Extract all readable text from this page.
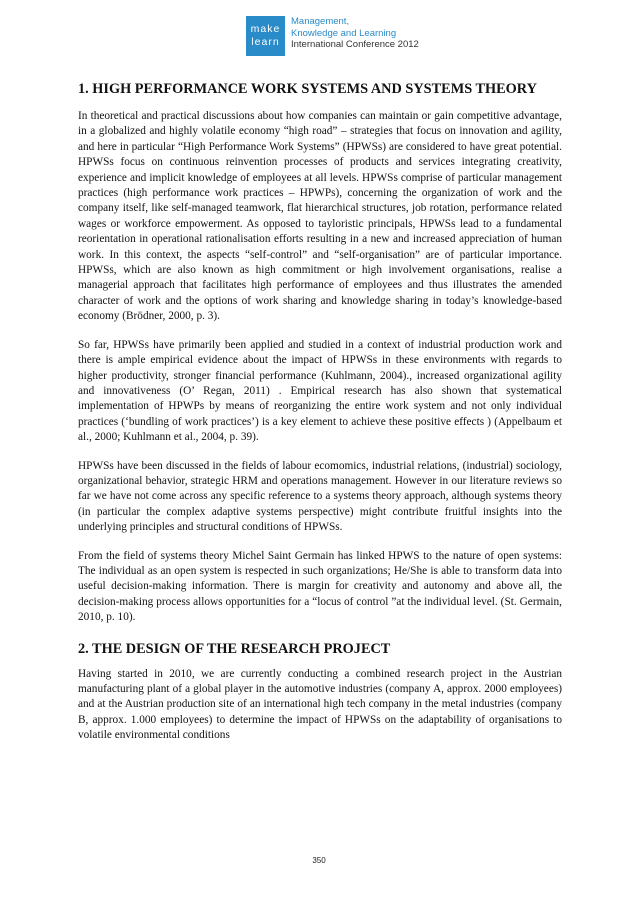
make
learn
Management,
Knowledge and Learning
International Conference 2012
1. HIGH PERFORMANCE WORK SYSTEMS AND SYSTEMS THEORY

In theoretical and practical discussions about how companies can maintain or gain competitive advantage, in a globalized and highly volatile economy “high road” – strategies that focus on innovation and agility, and here in particular “High Performance Work Systems” (HPWSs) are considered to have great potential. HPWSs focus on continuous reinvention processes of products and services integrating creativity, experience and implicit knowledge of employees at all levels. HPWSs comprise of particular management practices (high performance work practices – HPWPs), concerning the organization of work and the company itself, like self-managed teamwork, flat hierarchical structures, job rotation, performance related wages or workforce empowerment. As opposed to tayloristic principals, HPWSs lead to a fundamental reorientation in operational rationalisation efforts resulting in a new and increased appreciation of human work. In this context, the aspects “self-control” and “self-organisation” are of particular importance. HPWSs, which are also known as high commitment or high involvement organisations, realise a managerial approach that facilitates high performance of employees and thus illustrates the amended character of work and the options of work sharing and knowledge sharing in today’s knowledge-based economy (Brödner, 2000, p. 3).

So far, HPWSs have primarily been applied and studied in a context of industrial production work and there is ample empirical evidence about the impact of HPWSs in these environments with regards to higher productivity, stronger financial performance (Kuhlmann, 2004)., increased organizational agility and innovativeness (O’ Regan, 2011) . Empirical research has also shown that systematical implementation of HPWPs by means of reorganizing the entire work system and not only individual practices (‘bundling of work practices’) is a key element to achieve these positive effects ) (Appelbaum et al., 2000; Kuhlmann et al., 2004, p. 39).

HPWSs have been discussed in the fields of labour ecomomics, industrial relations, (industrial) sociology, organizational behavior, strategic HRM and operations management. However in our literature reviews so far we have not come across any specific reference to a systems theory approach, although systems theory (in particular the complex adaptive systems perspective) might contribute fruitful insights into the underlying principles and structural conditions of HPWSs.

From the field of systems theory Michel Saint Germain has linked HPWS to the nature of open systems: The individual as an open system is respected in such organizations; He/She is able to transform data into useful decision-making information. There is margin for creativity and autonomy and above all, the decision-making process allows opportunities for a “locus of control ”at the individual level. (St. Germain, 2010, p. 10).

2. THE DESIGN OF THE RESEARCH PROJECT

Having started in 2010, we are currently conducting a combined research project in the Austrian manufacturing plant of a global player in the automotive industries (company A, approx. 2000 employees) and at the Austrian production site of an international high tech company in the metal industries (company B, approx. 1.000 employees) to determine the impact of HPWSs on the adaptability of organisations to volatile environmental conditions

350
